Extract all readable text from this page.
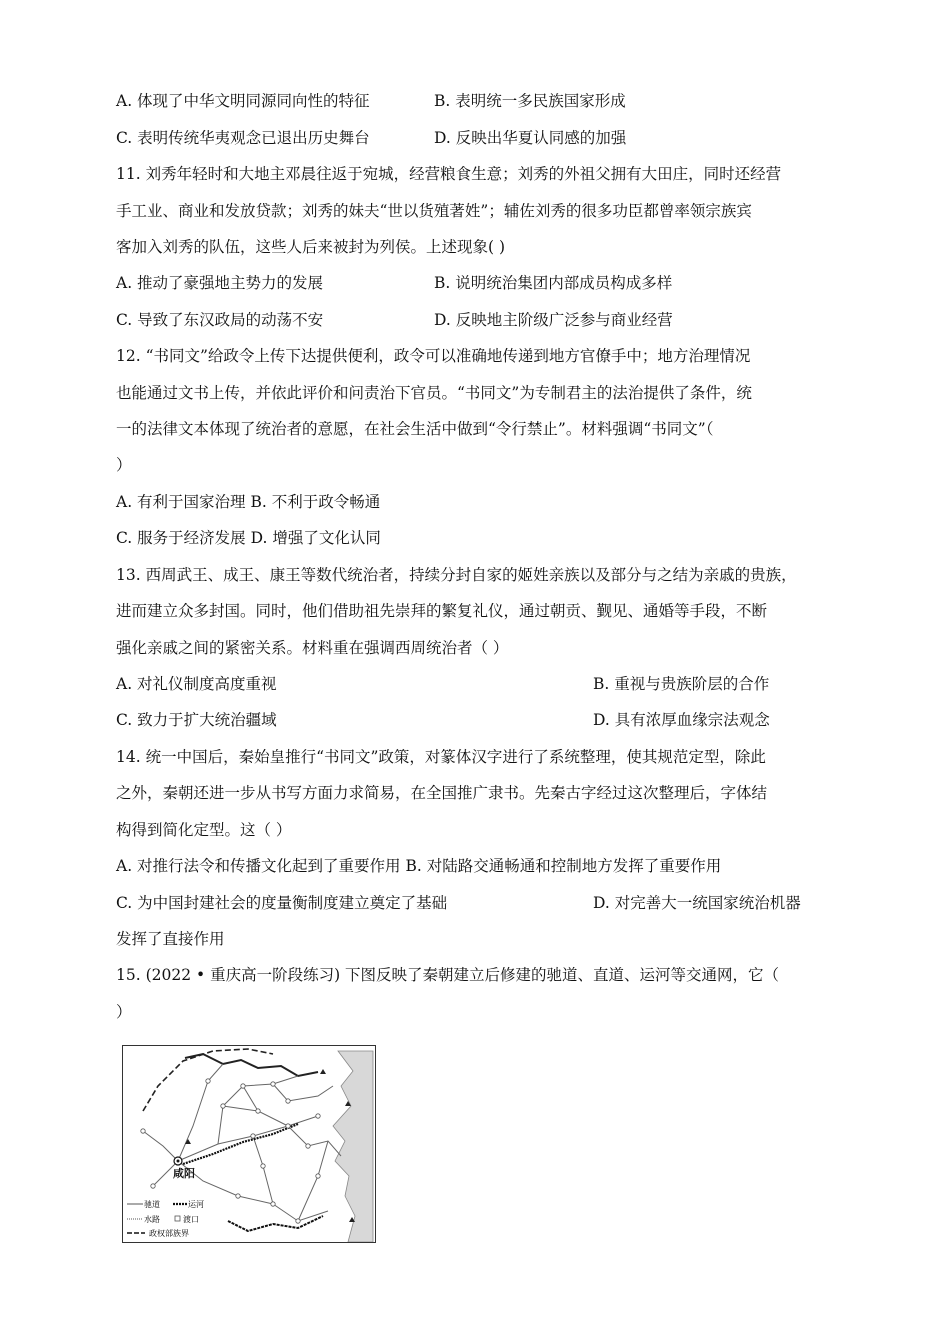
A. 体现了中华文明同源同向性的特征	B. 表明统一多民族国家形成
C. 表明传统华夷观念已退出历史舞台	D. 反映出华夏认同感的加强
11. 刘秀年轻时和大地主邓晨往返于宛城，经营粮食生意；刘秀的外祖父拥有大田庄，同时还经营
手工业、商业和发放贷款；刘秀的妹夫“世以货殖著姓”；辅佐刘秀的很多功臣都曾率领宗族宾
客加入刘秀的队伍，这些人后来被封为列侯。上述现象( )
A. 推动了豪强地主势力的发展	B. 说明统治集团内部成员构成多样
C. 导致了东汉政局的动荡不安	D. 反映地主阶级广泛参与商业经营
12. “书同文”给政令上传下达提供便利，政令可以准确地传递到地方官僚手中；地方治理情况
也能通过文书上传，并依此评价和问责治下官员。“书同文”为专制君主的法治提供了条件，统
一的法律文本体现了统治者的意愿，在社会生活中做到“令行禁止”。材料强调“书同文”（
）
A. 有利于国家治理 B. 不利于政令畅通
C. 服务于经济发展 D. 增强了文化认同
13. 西周武王、成王、康王等数代统治者，持续分封自家的姬姓亲族以及部分与之结为亲戚的贵族，
进而建立众多封国。同时，他们借助祖先崇拜的繁复礼仪，通过朝贡、觐见、通婚等手段，不断
强化亲戚之间的紧密关系。材料重在强调西周统治者（ ）
A. 对礼仪制度高度重视	B. 重视与贵族阶层的合作
C. 致力于扩大统治疆域	D. 具有浓厚血缘宗法观念
14. 统一中国后，秦始皇推行“书同文”政策，对篆体汉字进行了系统整理，使其规范定型，除此
之外，秦朝还进一步从书写方面力求简易，在全国推广隶书。先秦古字经过这次整理后，字体结
构得到简化定型。这（ ）
A. 对推行法令和传播文化起到了重要作用 B. 对陆路交通畅通和控制地方发挥了重要作用
C. 为中国封建社会的度量衡制度建立奠定了基础	D. 对完善大一统国家统治机器
发挥了直接作用
15. (2022 • 重庆高一阶段练习) 下图反映了秦朝建立后修建的驰道、直道、运河等交通网，它（
）
咸阳
驰道	运河
水路	渡口
政权部族界
